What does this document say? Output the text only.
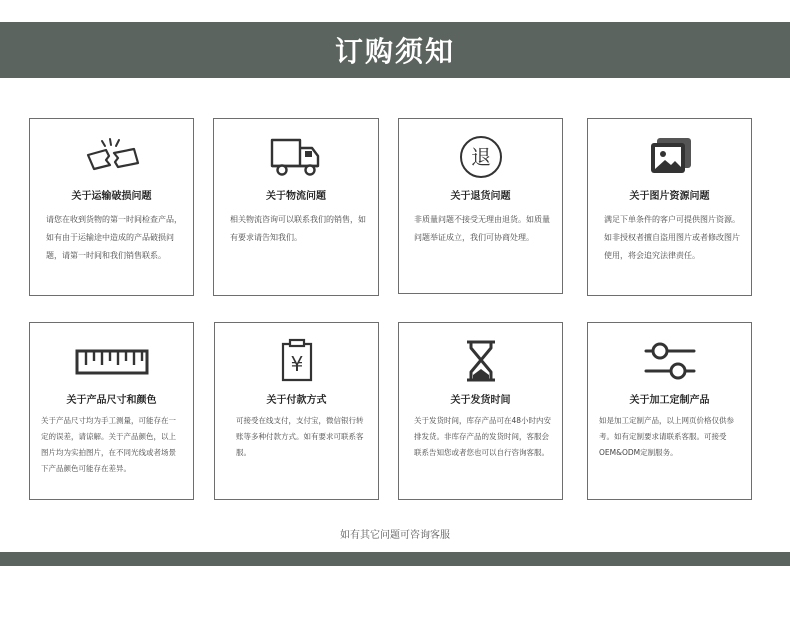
订购须知
关于运输破损问题
请您在收到货物的第一时间检查产品，如有由于运输途中造成的产品破损问题，请第一时间和我们销售联系。
关于物流问题
相关物流咨询可以联系我们的销售，如有要求请告知我们。
退
关于退货问题
非质量问题不接受无理由退货。如质量问题举证成立，我们可协商处理。
关于图片资源问题
满足下单条件的客户可提供图片资源。如非授权者擅自盗用图片或者修改图片使用，将会追究法律责任。
关于产品尺寸和颜色
关于产品尺寸均为手工测量，可能存在一定的误差，请谅解。关于产品颜色，以上图片均为实拍图片，在不同光线或者场景下产品颜色可能存在差异。
¥
关于付款方式
可接受在线支付，支付宝，微信银行转账等多种付款方式。如有要求可联系客服。
关于发货时间
关于发货时间，库存产品可在48小时内安排发货。非库存产品的发货时间，客服会联系告知您或者您也可以自行咨询客服。
关于加工定制产品
如是加工定制产品，以上网页价格仅供参考。如有定制要求请联系客服。可接受OEM&ODM定制服务。
如有其它问题可咨询客服
